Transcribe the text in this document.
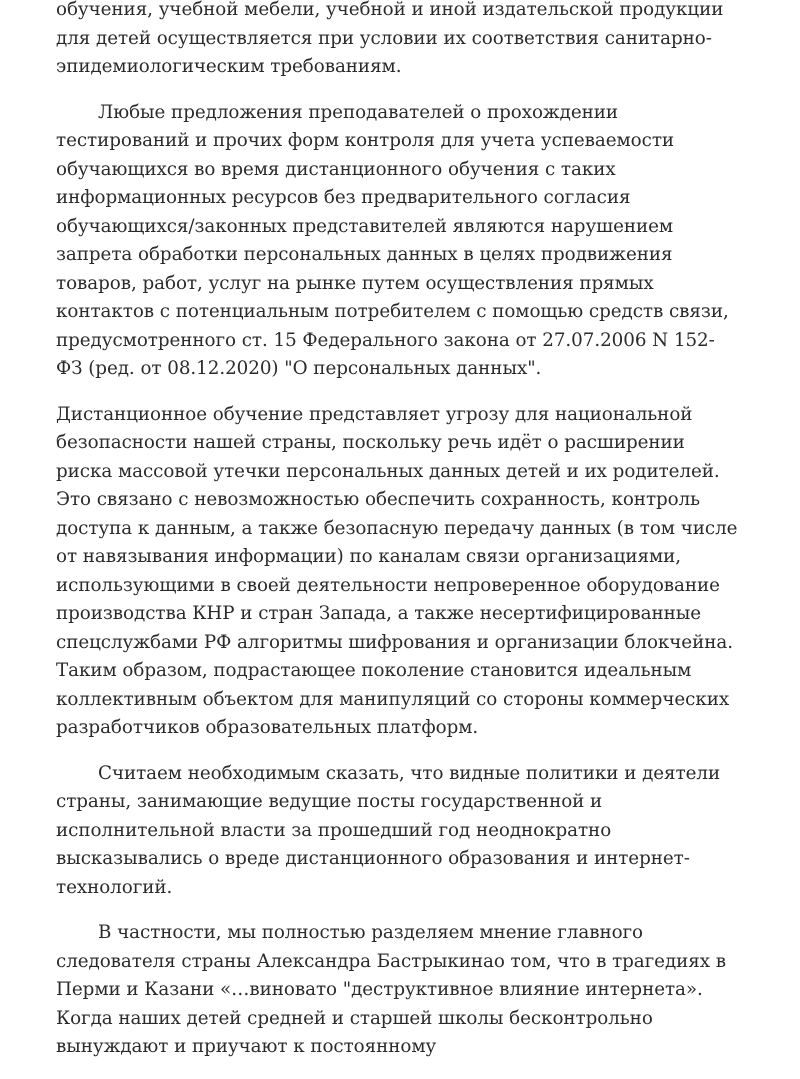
обучения, учебной мебели, учебной и иной издательской продукции для детей осуществляется при условии их соответствия санитарно-эпидемиологическим требованиям.

Любые предложения преподавателей о прохождении тестирований и прочих форм контроля для учета успеваемости обучающихся во время дистанционного обучения с таких информационных ресурсов без предварительного согласия обучающихся/законных представителей являются нарушением запрета обработки персональных данных в целях продвижения товаров, работ, услуг на рынке путем осуществления прямых контактов с потенциальным потребителем с помощью средств связи, предусмотренного ст. 15 Федерального закона от 27.07.2006 N 152-ФЗ (ред. от 08.12.2020) "О персональных данных".

Дистанционное обучение представляет угрозу для национальной безопасности нашей страны, поскольку речь идёт о расширении риска массовой утечки персональных данных детей и их родителей. Это связано с невозможностью обеспечить сохранность, контроль доступа к данным, а также безопасную передачу данных (в том числе от навязывания информации) по каналам связи организациями, использующими в своей деятельности непроверенное оборудование производства КНР и стран Запада, а также несертифицированные спецслужбами РФ алгоритмы шифрования и организации блокчейна. Таким образом, подрастающее поколение становится идеальным коллективным объектом для манипуляций со стороны коммерческих разработчиков образовательных платформ.

Считаем необходимым сказать, что видные политики и деятели страны, занимающие ведущие посты государственной и исполнительной власти за прошедший год неоднократно высказывались о вреде дистанционного образования и интернет-технологий.

В частности, мы полностью разделяем мнение главного следователя страны Александра Бастрыкинао том, что в трагедиях в Перми и Казани «…виновато "деструктивное влияние интернета». Когда наших детей средней и старшей школы бесконтрольно вынуждают и приучают к постоянному
